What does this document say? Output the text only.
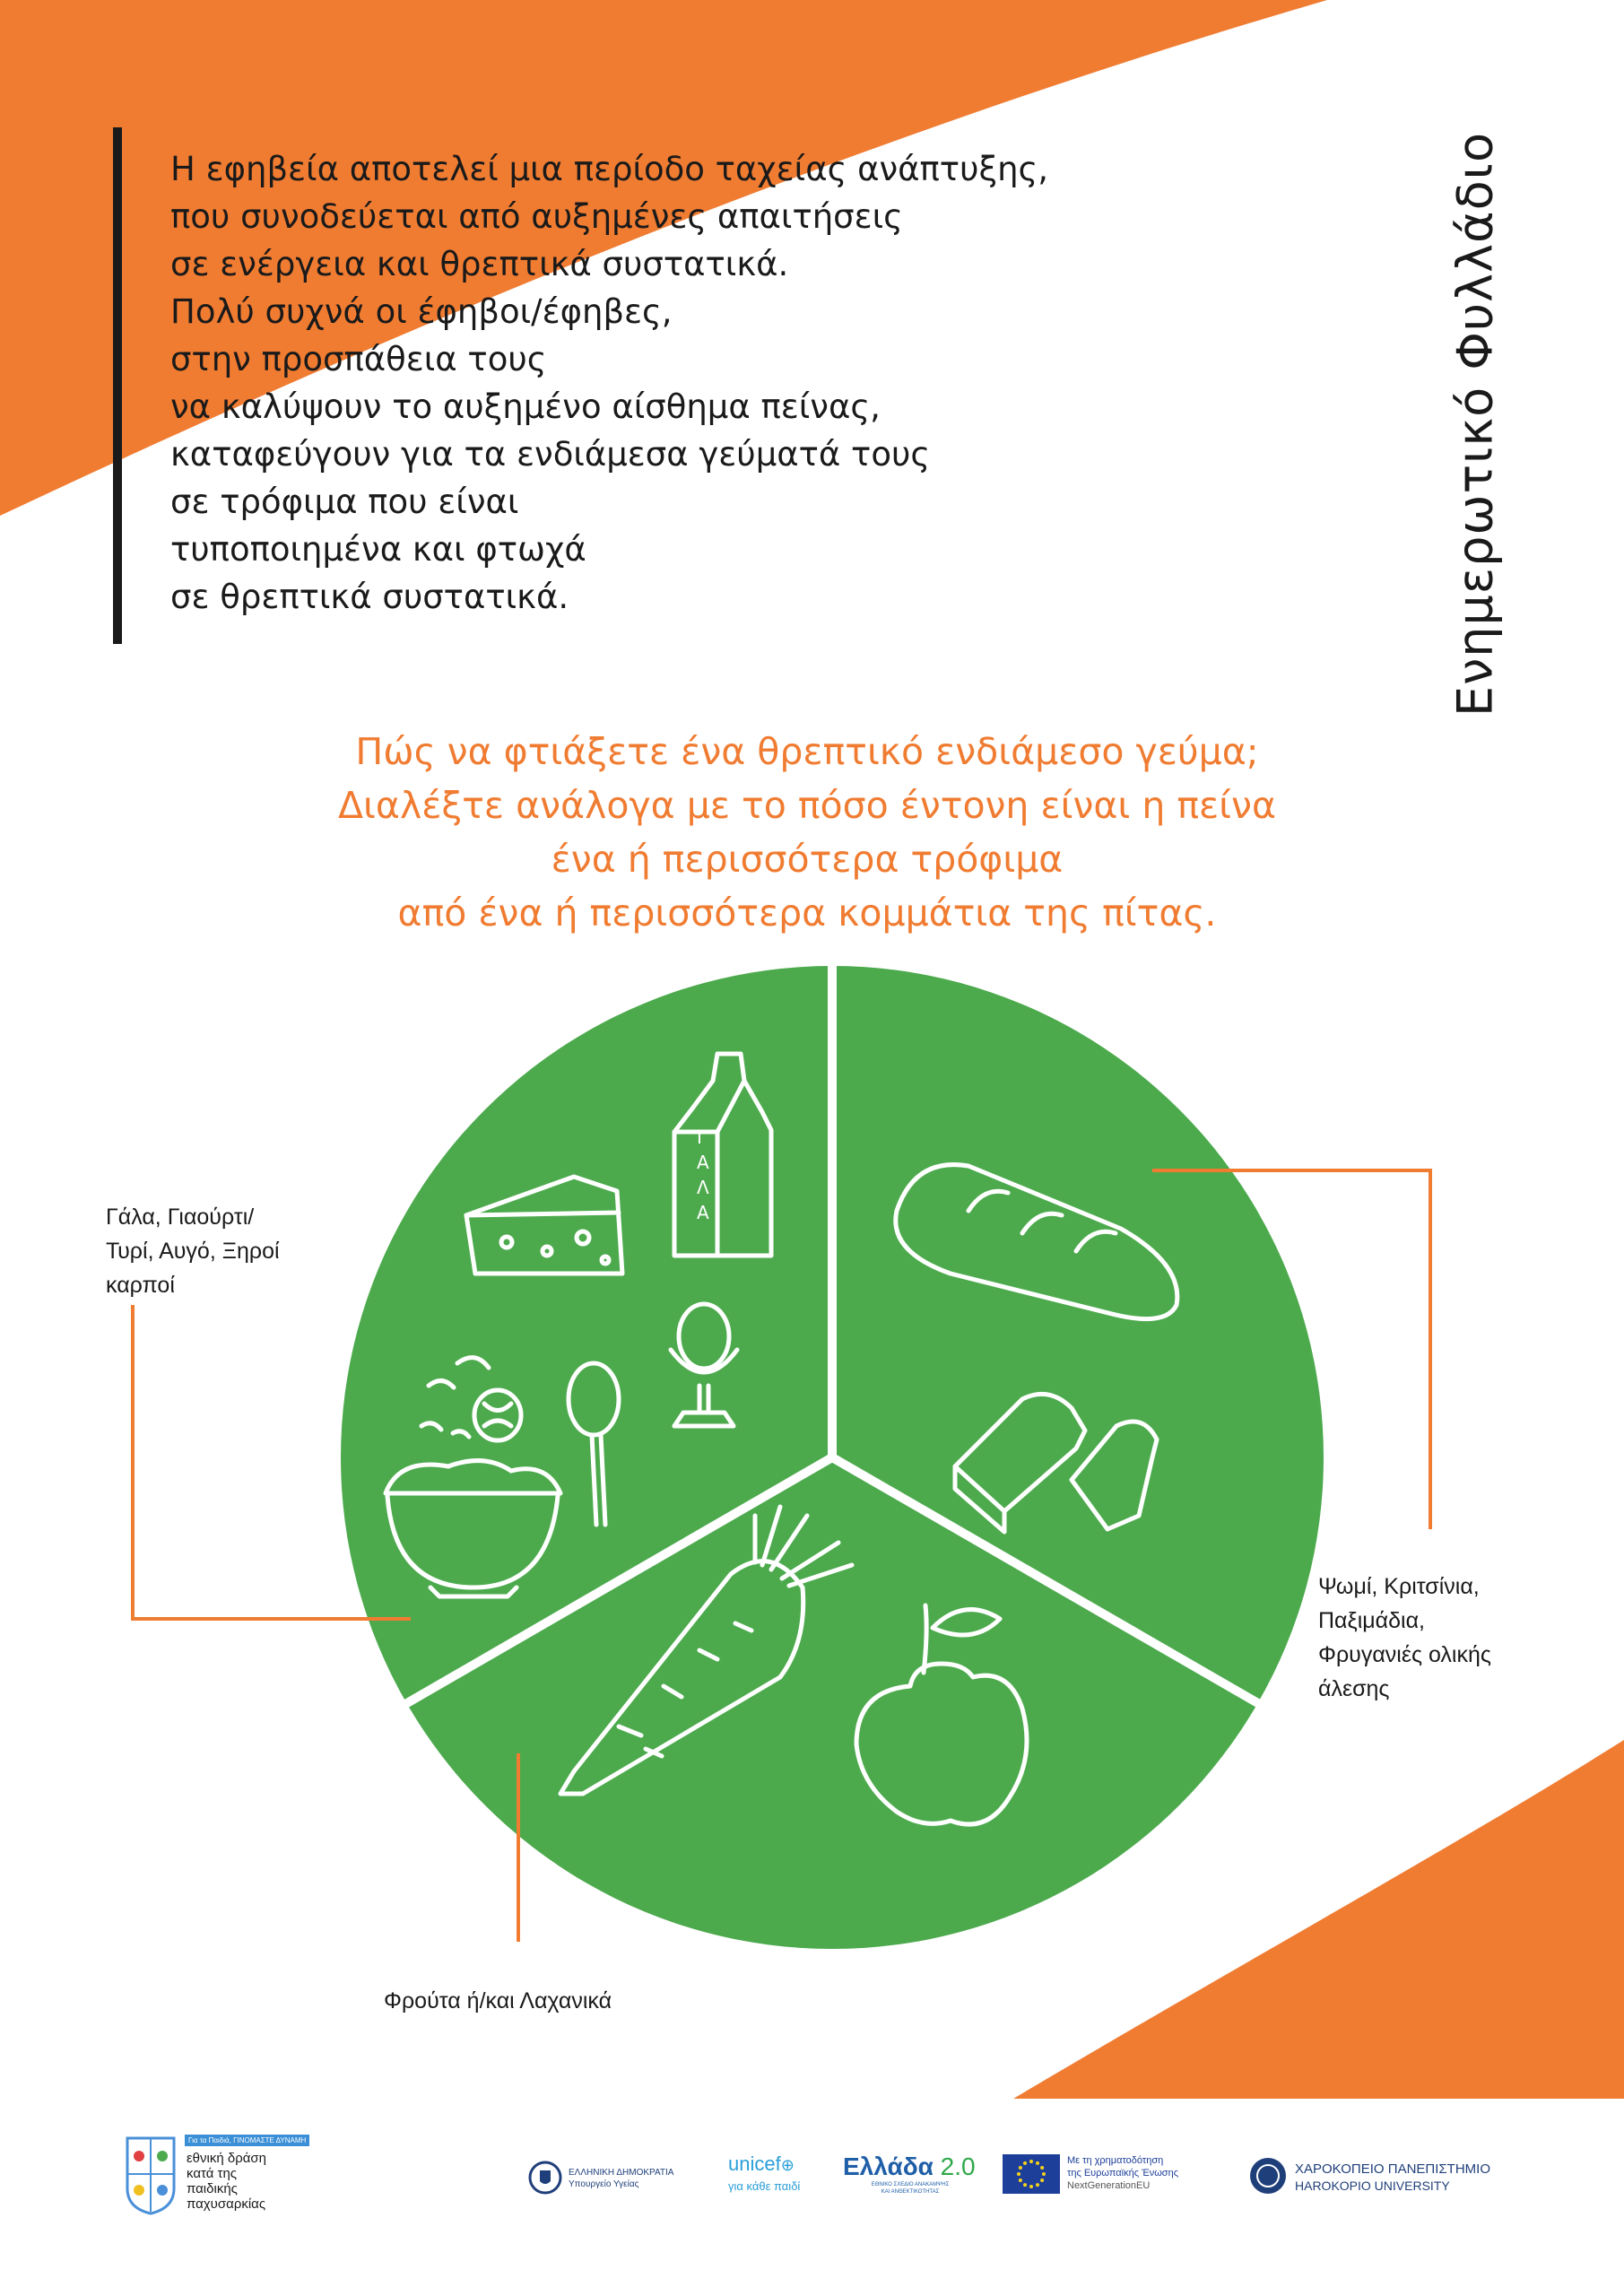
Η εφηβεία αποτελεί μια περίοδο ταχείας ανάπτυξης,
που συνοδεύεται από αυξημένες απαιτήσεις
σε ενέργεια και θρεπτικά συστατικά.
Πολύ συχνά οι έφηβοι/έφηβες,
στην προσπάθεια τους
να καλύψουν το αυξημένο αίσθημα πείνας,
καταφεύγουν για τα ενδιάμεσα γεύματά τους
σε τρόφιμα που είναι
τυποποιημένα και φτωχά
σε θρεπτικά συστατικά.	Ενημερωτικό Φυλλάδιο
Πώς να φτιάξετε ένα θρεπτικό ενδιάμεσο γεύμα;
Διαλέξτε ανάλογα με το πόσο έντονη είναι η πείνα
ένα ή περισσότερα τρόφιμα
από ένα ή περισσότερα κομμάτια της πίτας.
Γ Α Λ Α
Γάλα, Γιαούρτι/
Τυρί, Αυγό, Ξηροί
καρποί
Ψωμί, Κριτσίνια,
Παξιμάδια,
Φρυγανιές ολικής
άλεσης
Φρούτα ή/και Λαχανικά
Για τα Παιδιά, ΓΙΝΟΜΑΣΤΕ ΔΥΝΑΜΗ
εθνική δράση
κατά της
παιδικής
παχυσαρκίας
ΕΛΛΗΝΙΚΗ ΔΗΜΟΚΡΑΤΙΑ
Υπουργείο Υγείας
unicef⊕
για κάθε παιδί
Ελλάδα 2.0
ΕΘΝΙΚΟ ΣΧΕΔΙΟ ΑΝΑΚΑΜΨΗΣ
ΚΑΙ ΑΝΘΕΚΤΙΚΟΤΗΤΑΣ
Με τη χρηματοδότηση
της Ευρωπαϊκής Ένωσης
NextGenerationEU
ΧΑΡΟΚΟΠΕΙΟ ΠΑΝΕΠΙΣΤΗΜΙΟ
HAROKOPIO UNIVERSITY
